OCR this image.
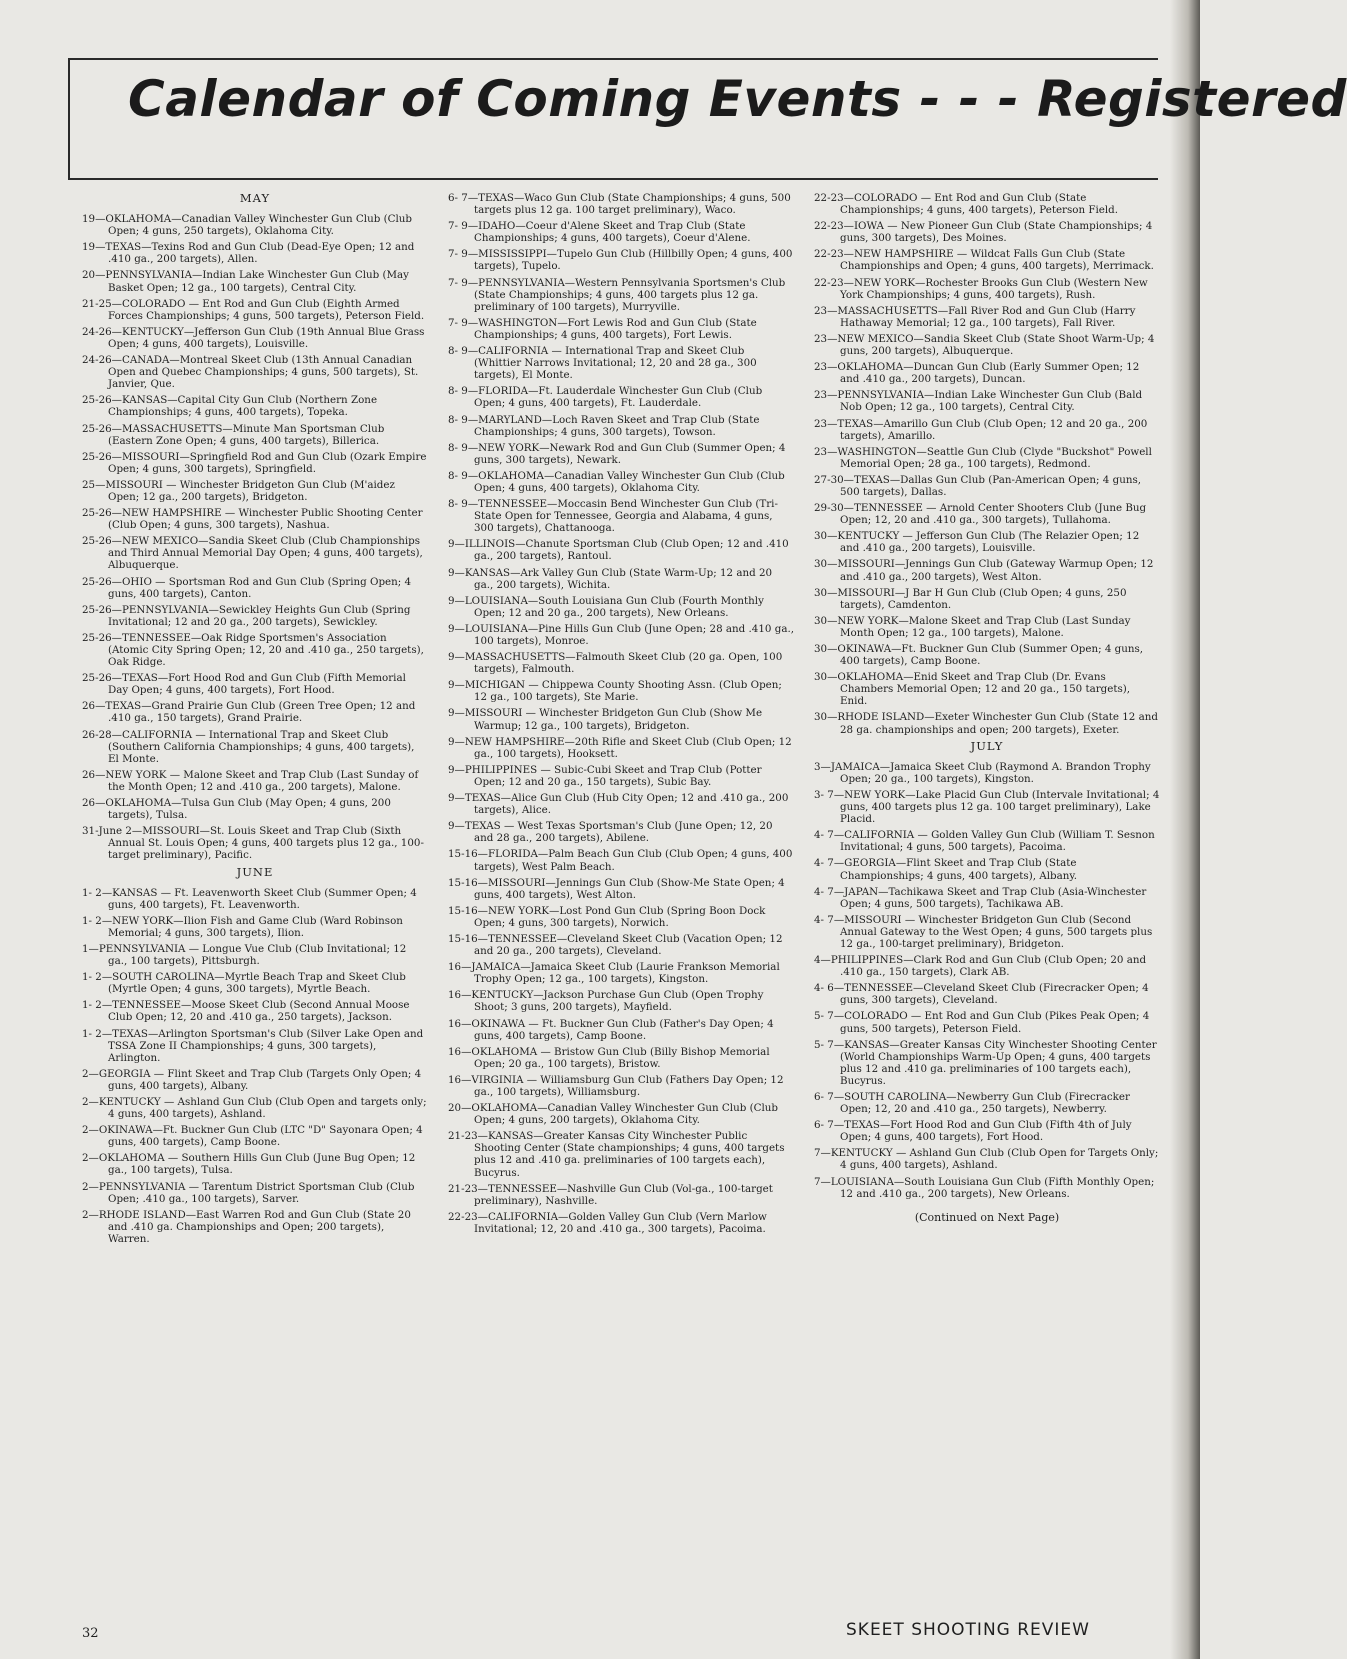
Calendar of Coming Events - - - Registered
MAY
19—OKLAHOMA—Canadian Valley Winchester Gun Club (Club Open; 4 guns, 250 targets), Oklahoma City.
19—TEXAS—Texins Rod and Gun Club (Dead-Eye Open; 12 and .410 ga., 200 targets), Allen.
20—PENNSYLVANIA—Indian Lake Winchester Gun Club (May Basket Open; 12 ga., 100 targets), Central City.
21-25—COLORADO — Ent Rod and Gun Club (Eighth Armed Forces Championships; 4 guns, 500 targets), Peterson Field.
24-26—KENTUCKY—Jefferson Gun Club (19th Annual Blue Grass Open; 4 guns, 400 targets), Louisville.
24-26—CANADA—Montreal Skeet Club (13th Annual Canadian Open and Quebec Championships; 4 guns, 500 targets), St. Janvier, Que.
25-26—KANSAS—Capital City Gun Club (Northern Zone Championships; 4 guns, 400 targets), Topeka.
25-26—MASSACHUSETTS—Minute Man Sportsman Club (Eastern Zone Open; 4 guns, 400 targets), Billerica.
25-26—MISSOURI—Springfield Rod and Gun Club (Ozark Empire Open; 4 guns, 300 targets), Springfield.
25—MISSOURI — Winchester Bridgeton Gun Club (M'aidez Open; 12 ga., 200 targets), Bridgeton.
25-26—NEW HAMPSHIRE — Winchester Public Shooting Center (Club Open; 4 guns, 300 targets), Nashua.
25-26—NEW MEXICO—Sandia Skeet Club (Club Championships and Third Annual Memorial Day Open; 4 guns, 400 targets), Albuquerque.
25-26—OHIO — Sportsman Rod and Gun Club (Spring Open; 4 guns, 400 targets), Canton.
25-26—PENNSYLVANIA—Sewickley Heights Gun Club (Spring Invitational; 12 and 20 ga., 200 targets), Sewickley.
25-26—TENNESSEE—Oak Ridge Sportsmen's Association (Atomic City Spring Open; 12, 20 and .410 ga., 250 targets), Oak Ridge.
25-26—TEXAS—Fort Hood Rod and Gun Club (Fifth Memorial Day Open; 4 guns, 400 targets), Fort Hood.
26—TEXAS—Grand Prairie Gun Club (Green Tree Open; 12 and .410 ga., 150 targets), Grand Prairie.
26-28—CALIFORNIA — International Trap and Skeet Club (Southern California Championships; 4 guns, 400 targets), El Monte.
26—NEW YORK — Malone Skeet and Trap Club (Last Sunday of the Month Open; 12 and .410 ga., 200 targets), Malone.
26—OKLAHOMA—Tulsa Gun Club (May Open; 4 guns, 200 targets), Tulsa.
31-June 2—MISSOURI—St. Louis Skeet and Trap Club (Sixth Annual St. Louis Open; 4 guns, 400 targets plus 12 ga., 100-target preliminary), Pacific.
JUNE
1- 2—KANSAS — Ft. Leavenworth Skeet Club (Summer Open; 4 guns, 400 targets), Ft. Leavenworth.
1- 2—NEW YORK—Ilion Fish and Game Club (Ward Robinson Memorial; 4 guns, 300 targets), Ilion.
1—PENNSYLVANIA — Longue Vue Club (Club Invitational; 12 ga., 100 targets), Pittsburgh.
1- 2—SOUTH CAROLINA—Myrtle Beach Trap and Skeet Club (Myrtle Open; 4 guns, 300 targets), Myrtle Beach.
1- 2—TENNESSEE—Moose Skeet Club (Second Annual Moose Club Open; 12, 20 and .410 ga., 250 targets), Jackson.
1- 2—TEXAS—Arlington Sportsman's Club (Silver Lake Open and TSSA Zone II Championships; 4 guns, 300 targets), Arlington.
2—GEORGIA — Flint Skeet and Trap Club (Targets Only Open; 4 guns, 400 targets), Albany.
2—KENTUCKY — Ashland Gun Club (Club Open and targets only; 4 guns, 400 targets), Ashland.
2—OKINAWA—Ft. Buckner Gun Club (LTC "D" Sayonara Open; 4 guns, 400 targets), Camp Boone.
2—OKLAHOMA — Southern Hills Gun Club (June Bug Open; 12 ga., 100 targets), Tulsa.
2—PENNSYLVANIA — Tarentum District Sportsman Club (Club Open; .410 ga., 100 targets), Sarver.
2—RHODE ISLAND—East Warren Rod and Gun Club (State 20 and .410 ga. Championships and Open; 200 targets), Warren.
6- 7—TEXAS—Waco Gun Club (State Championships; 4 guns, 500 targets plus 12 ga. 100 target preliminary), Waco.
7- 9—IDAHO—Coeur d'Alene Skeet and Trap Club (State Championships; 4 guns, 400 targets), Coeur d'Alene.
7- 9—MISSISSIPPI—Tupelo Gun Club (Hillbilly Open; 4 guns, 400 targets), Tupelo.
7- 9—PENNSYLVANIA—Western Pennsylvania Sportsmen's Club (State Championships; 4 guns, 400 targets plus 12 ga. preliminary of 100 targets), Murryville.
7- 9—WASHINGTON—Fort Lewis Rod and Gun Club (State Championships; 4 guns, 400 targets), Fort Lewis.
8- 9—CALIFORNIA — International Trap and Skeet Club (Whittier Narrows Invitational; 12, 20 and 28 ga., 300 targets), El Monte.
8- 9—FLORIDA—Ft. Lauderdale Winchester Gun Club (Club Open; 4 guns, 400 targets), Ft. Lauderdale.
8- 9—MARYLAND—Loch Raven Skeet and Trap Club (State Championships; 4 guns, 300 targets), Towson.
8- 9—NEW YORK—Newark Rod and Gun Club (Summer Open; 4 guns, 300 targets), Newark.
8- 9—OKLAHOMA—Canadian Valley Winchester Gun Club (Club Open; 4 guns, 400 targets), Oklahoma City.
8- 9—TENNESSEE—Moccasin Bend Winchester Gun Club (Tri-State Open for Tennessee, Georgia and Alabama, 4 guns, 300 targets), Chattanooga.
9—ILLINOIS—Chanute Sportsman Club (Club Open; 12 and .410 ga., 200 targets), Rantoul.
9—KANSAS—Ark Valley Gun Club (State Warm-Up; 12 and 20 ga., 200 targets), Wichita.
9—LOUISIANA—South Louisiana Gun Club (Fourth Monthly Open; 12 and 20 ga., 200 targets), New Orleans.
9—LOUISIANA—Pine Hills Gun Club (June Open; 28 and .410 ga., 100 targets), Monroe.
9—MASSACHUSETTS—Falmouth Skeet Club (20 ga. Open, 100 targets), Falmouth.
9—MICHIGAN — Chippewa County Shooting Assn. (Club Open; 12 ga., 100 targets), Ste Marie.
9—MISSOURI — Winchester Bridgeton Gun Club (Show Me Warmup; 12 ga., 100 targets), Bridgeton.
9—NEW HAMPSHIRE—20th Rifle and Skeet Club (Club Open; 12 ga., 100 targets), Hooksett.
9—PHILIPPINES — Subic-Cubi Skeet and Trap Club (Potter Open; 12 and 20 ga., 150 targets), Subic Bay.
9—TEXAS—Alice Gun Club (Hub City Open; 12 and .410 ga., 200 targets), Alice.
9—TEXAS — West Texas Sportsman's Club (June Open; 12, 20 and 28 ga., 200 targets), Abilene.
15-16—FLORIDA—Palm Beach Gun Club (Club Open; 4 guns, 400 targets), West Palm Beach.
15-16—MISSOURI—Jennings Gun Club (Show-Me State Open; 4 guns, 400 targets), West Alton.
15-16—NEW YORK—Lost Pond Gun Club (Spring Boon Dock Open; 4 guns, 300 targets), Norwich.
15-16—TENNESSEE—Cleveland Skeet Club (Vacation Open; 12 and 20 ga., 200 targets), Cleveland.
16—JAMAICA—Jamaica Skeet Club (Laurie Frankson Memorial Trophy Open; 12 ga., 100 targets), Kingston.
16—KENTUCKY—Jackson Purchase Gun Club (Open Trophy Shoot; 3 guns, 200 targets), Mayfield.
16—OKINAWA — Ft. Buckner Gun Club (Father's Day Open; 4 guns, 400 targets), Camp Boone.
16—OKLAHOMA — Bristow Gun Club (Billy Bishop Memorial Open; 20 ga., 100 targets), Bristow.
16—VIRGINIA — Williamsburg Gun Club (Fathers Day Open; 12 ga., 100 targets), Williamsburg.
20—OKLAHOMA—Canadian Valley Winchester Gun Club (Club Open; 4 guns, 200 targets), Oklahoma City.
21-23—KANSAS—Greater Kansas City Winchester Public Shooting Center (State championships; 4 guns, 400 targets plus 12 and .410 ga. preliminaries of 100 targets each), Bucyrus.
21-23—TENNESSEE—Nashville Gun Club (Vol-ga., 100-target preliminary), Nashville.
22-23—CALIFORNIA—Golden Valley Gun Club (Vern Marlow Invitational; 12, 20 and .410 ga., 300 targets), Pacoima.
22-23—COLORADO — Ent Rod and Gun Club (State Championships; 4 guns, 400 targets), Peterson Field.
22-23—IOWA — New Pioneer Gun Club (State Championships; 4 guns, 300 targets), Des Moines.
22-23—NEW HAMPSHIRE — Wildcat Falls Gun Club (State Championships and Open; 4 guns, 400 targets), Merrimack.
22-23—NEW YORK—Rochester Brooks Gun Club (Western New York Championships; 4 guns, 400 targets), Rush.
23—MASSACHUSETTS—Fall River Rod and Gun Club (Harry Hathaway Memorial; 12 ga., 100 targets), Fall River.
23—NEW MEXICO—Sandia Skeet Club (State Shoot Warm-Up; 4 guns, 200 targets), Albuquerque.
23—OKLAHOMA—Duncan Gun Club (Early Summer Open; 12 and .410 ga., 200 targets), Duncan.
23—PENNSYLVANIA—Indian Lake Winchester Gun Club (Bald Nob Open; 12 ga., 100 targets), Central City.
23—TEXAS—Amarillo Gun Club (Club Open; 12 and 20 ga., 200 targets), Amarillo.
23—WASHINGTON—Seattle Gun Club (Clyde "Buckshot" Powell Memorial Open; 28 ga., 100 targets), Redmond.
27-30—TEXAS—Dallas Gun Club (Pan-American Open; 4 guns, 500 targets), Dallas.
29-30—TENNESSEE — Arnold Center Shooters Club (June Bug Open; 12, 20 and .410 ga., 300 targets), Tullahoma.
30—KENTUCKY — Jefferson Gun Club (The Relazier Open; 12 and .410 ga., 200 targets), Louisville.
30—MISSOURI—Jennings Gun Club (Gateway Warmup Open; 12 and .410 ga., 200 targets), West Alton.
30—MISSOURI—J Bar H Gun Club (Club Open; 4 guns, 250 targets), Camdenton.
30—NEW YORK—Malone Skeet and Trap Club (Last Sunday Month Open; 12 ga., 100 targets), Malone.
30—OKINAWA—Ft. Buckner Gun Club (Summer Open; 4 guns, 400 targets), Camp Boone.
30—OKLAHOMA—Enid Skeet and Trap Club (Dr. Evans Chambers Memorial Open; 12 and 20 ga., 150 targets), Enid.
30—RHODE ISLAND—Exeter Winchester Gun Club (State 12 and 28 ga. championships and open; 200 targets), Exeter.
JULY
3—JAMAICA—Jamaica Skeet Club (Raymond A. Brandon Trophy Open; 20 ga., 100 targets), Kingston.
3- 7—NEW YORK—Lake Placid Gun Club (Intervale Invitational; 4 guns, 400 targets plus 12 ga. 100 target preliminary), Lake Placid.
4- 7—CALIFORNIA — Golden Valley Gun Club (William T. Sesnon Invitational; 4 guns, 500 targets), Pacoima.
4- 7—GEORGIA—Flint Skeet and Trap Club (State Championships; 4 guns, 400 targets), Albany.
4- 7—JAPAN—Tachikawa Skeet and Trap Club (Asia-Winchester Open; 4 guns, 500 targets), Tachikawa AB.
4- 7—MISSOURI — Winchester Bridgeton Gun Club (Second Annual Gateway to the West Open; 4 guns, 500 targets plus 12 ga., 100-target preliminary), Bridgeton.
4—PHILIPPINES—Clark Rod and Gun Club (Club Open; 20 and .410 ga., 150 targets), Clark AB.
4- 6—TENNESSEE—Cleveland Skeet Club (Firecracker Open; 4 guns, 300 targets), Cleveland.
5- 7—COLORADO — Ent Rod and Gun Club (Pikes Peak Open; 4 guns, 500 targets), Peterson Field.
5- 7—KANSAS—Greater Kansas City Winchester Shooting Center (World Championships Warm-Up Open; 4 guns, 400 targets plus 12 and .410 ga. preliminaries of 100 targets each), Bucyrus.
6- 7—SOUTH CAROLINA—Newberry Gun Club (Firecracker Open; 12, 20 and .410 ga., 250 targets), Newberry.
6- 7—TEXAS—Fort Hood Rod and Gun Club (Fifth 4th of July Open; 4 guns, 400 targets), Fort Hood.
7—KENTUCKY — Ashland Gun Club (Club Open for Targets Only; 4 guns, 400 targets), Ashland.
7—LOUISIANA—South Louisiana Gun Club (Fifth Monthly Open; 12 and .410 ga., 200 targets), New Orleans.
(Continued on Next Page)
32	SKEET SHOOTING REVIEW
